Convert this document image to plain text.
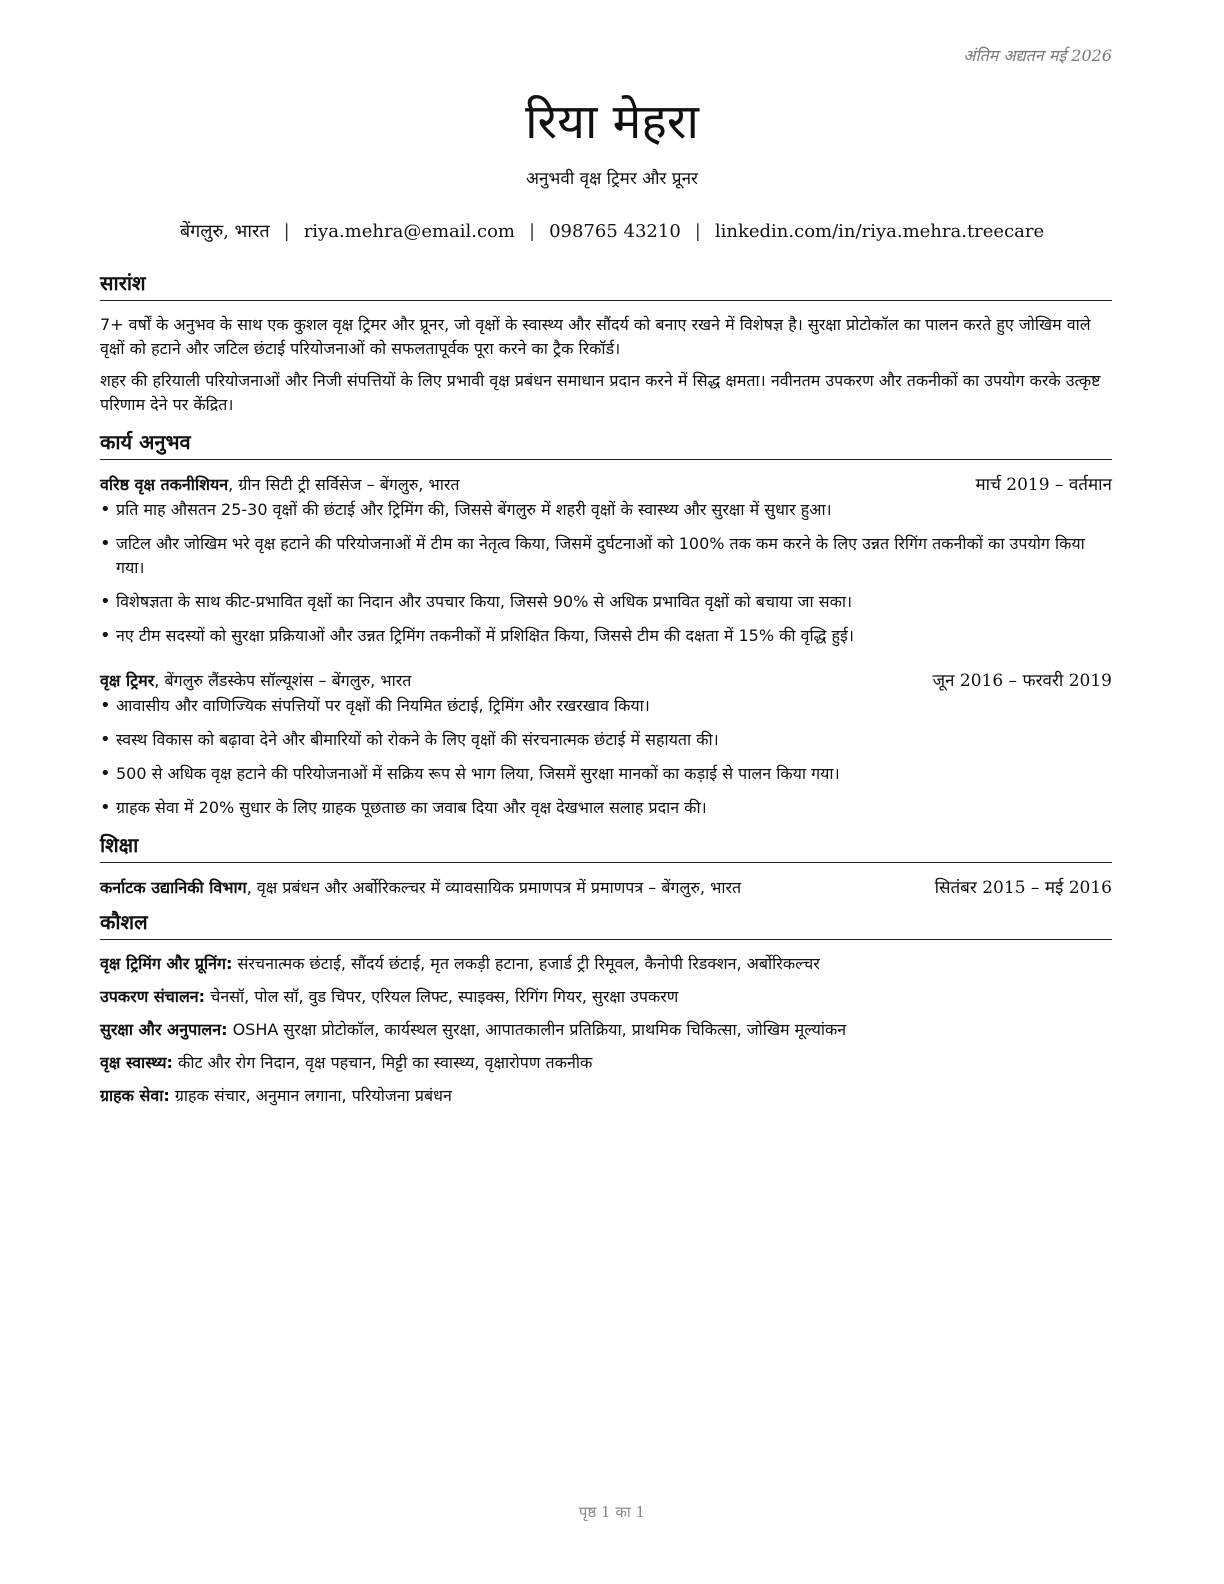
अंतिम अद्यतन मई 2026
रिया मेहरा
अनुभवी वृक्ष ट्रिमर और प्रूनर
बेंगलुरु, भारत | riya.mehra@email.com | 098765 43210 | linkedin.com/in/riya.mehra.treecare
सारांश

7+ वर्षों के अनुभव के साथ एक कुशल वृक्ष ट्रिमर और प्रूनर, जो वृक्षों के स्वास्थ्य और सौंदर्य को बनाए रखने में विशेषज्ञ है। सुरक्षा प्रोटोकॉल का पालन करते हुए जोखिम वाले वृक्षों को हटाने और जटिल छंटाई परियोजनाओं को सफलतापूर्वक पूरा करने का ट्रैक रिकॉर्ड।

शहर की हरियाली परियोजनाओं और निजी संपत्तियों के लिए प्रभावी वृक्ष प्रबंधन समाधान प्रदान करने में सिद्ध क्षमता। नवीनतम उपकरण और तकनीकों का उपयोग करके उत्कृष्ट परिणाम देने पर केंद्रित।

कार्य अनुभव
वरिष्ठ वृक्ष तकनीशियन, ग्रीन सिटी ट्री सर्विसेज – बेंगलुरु, भारत	मार्च 2019 – वर्तमान
• प्रति माह औसतन 25-30 वृक्षों की छंटाई और ट्रिमिंग की, जिससे बेंगलुरु में शहरी वृक्षों के स्वास्थ्य और सुरक्षा में सुधार हुआ।
• जटिल और जोखिम भरे वृक्ष हटाने की परियोजनाओं में टीम का नेतृत्व किया, जिसमें दुर्घटनाओं को 100% तक कम करने के लिए उन्नत रिगिंग तकनीकों का उपयोग किया गया।
• विशेषज्ञता के साथ कीट-प्रभावित वृक्षों का निदान और उपचार किया, जिससे 90% से अधिक प्रभावित वृक्षों को बचाया जा सका।
• नए टीम सदस्यों को सुरक्षा प्रक्रियाओं और उन्नत ट्रिमिंग तकनीकों में प्रशिक्षित किया, जिससे टीम की दक्षता में 15% की वृद्धि हुई।
वृक्ष ट्रिमर, बेंगलुरु लैंडस्केप सॉल्यूशंस – बेंगलुरु, भारत	जून 2016 – फरवरी 2019
• आवासीय और वाणिज्यिक संपत्तियों पर वृक्षों की नियमित छंटाई, ट्रिमिंग और रखरखाव किया।
• स्वस्थ विकास को बढ़ावा देने और बीमारियों को रोकने के लिए वृक्षों की संरचनात्मक छंटाई में सहायता की।
• 500 से अधिक वृक्ष हटाने की परियोजनाओं में सक्रिय रूप से भाग लिया, जिसमें सुरक्षा मानकों का कड़ाई से पालन किया गया।
• ग्राहक सेवा में 20% सुधार के लिए ग्राहक पूछताछ का जवाब दिया और वृक्ष देखभाल सलाह प्रदान की।
शिक्षा
कर्नाटक उद्यानिकी विभाग, वृक्ष प्रबंधन और अर्बोरिकल्चर में व्यावसायिक प्रमाणपत्र में प्रमाणपत्र – बेंगलुरु, भारत	सितंबर 2015 – मई 2016
कौशल
वृक्ष ट्रिमिंग और प्रूनिंग: संरचनात्मक छंटाई, सौंदर्य छंटाई, मृत लकड़ी हटाना, हजार्ड ट्री रिमूवल, कैनोपी रिडक्शन, अर्बोरिकल्चर
उपकरण संचालन: चेनसॉ, पोल सॉ, वुड चिपर, एरियल लिफ्ट, स्पाइक्स, रिगिंग गियर, सुरक्षा उपकरण
सुरक्षा और अनुपालन: OSHA सुरक्षा प्रोटोकॉल, कार्यस्थल सुरक्षा, आपातकालीन प्रतिक्रिया, प्राथमिक चिकित्सा, जोखिम मूल्यांकन
वृक्ष स्वास्थ्य: कीट और रोग निदान, वृक्ष पहचान, मिट्टी का स्वास्थ्य, वृक्षारोपण तकनीक
ग्राहक सेवा: ग्राहक संचार, अनुमान लगाना, परियोजना प्रबंधन
पृष्ठ 1 का 1
